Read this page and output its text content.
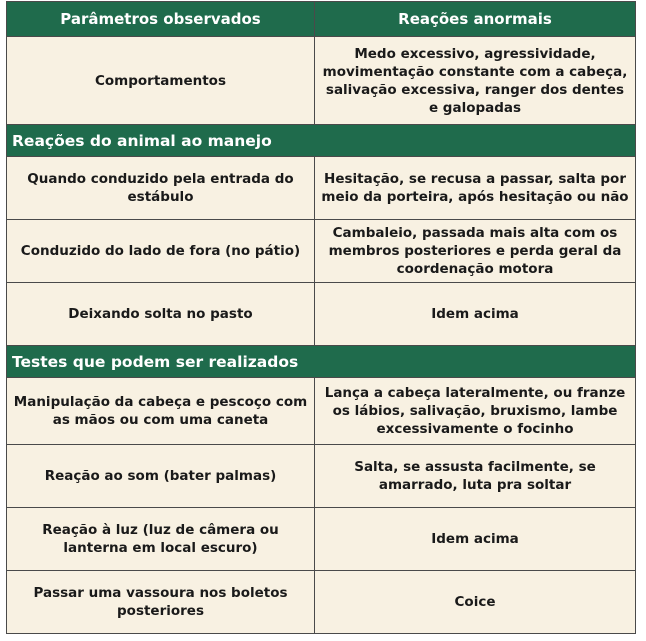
Parâmetros observados	Reações anormais
Comportamentos	Medo excessivo, agressividade, movimentação constante com a cabeça, salivação excessiva, ranger dos dentes e galopadas
Reações do animal ao manejo	
Quando conduzido pela entrada do estábulo	Hesitação, se recusa a passar, salta por meio da porteira, após hesitação ou não
Conduzido do lado de fora (no pátio)	Cambaleio, passada mais alta com os membros posteriores e perda geral da coordenação motora
Deixando solta no pasto	Idem acima
Testes que podem ser realizados	
Manipulação da cabeça e pescoço com as mãos ou com uma caneta	Lança a cabeça lateralmente, ou franze os lábios, salivação, bruxismo, lambe excessivamente o focinho
Reação ao som (bater palmas)	Salta, se assusta facilmente, se amarrado, luta pra soltar
Reação à luz (luz de câmera ou lanterna em local escuro)	Idem acima
Passar uma vassoura nos boletos posteriores	Coice
